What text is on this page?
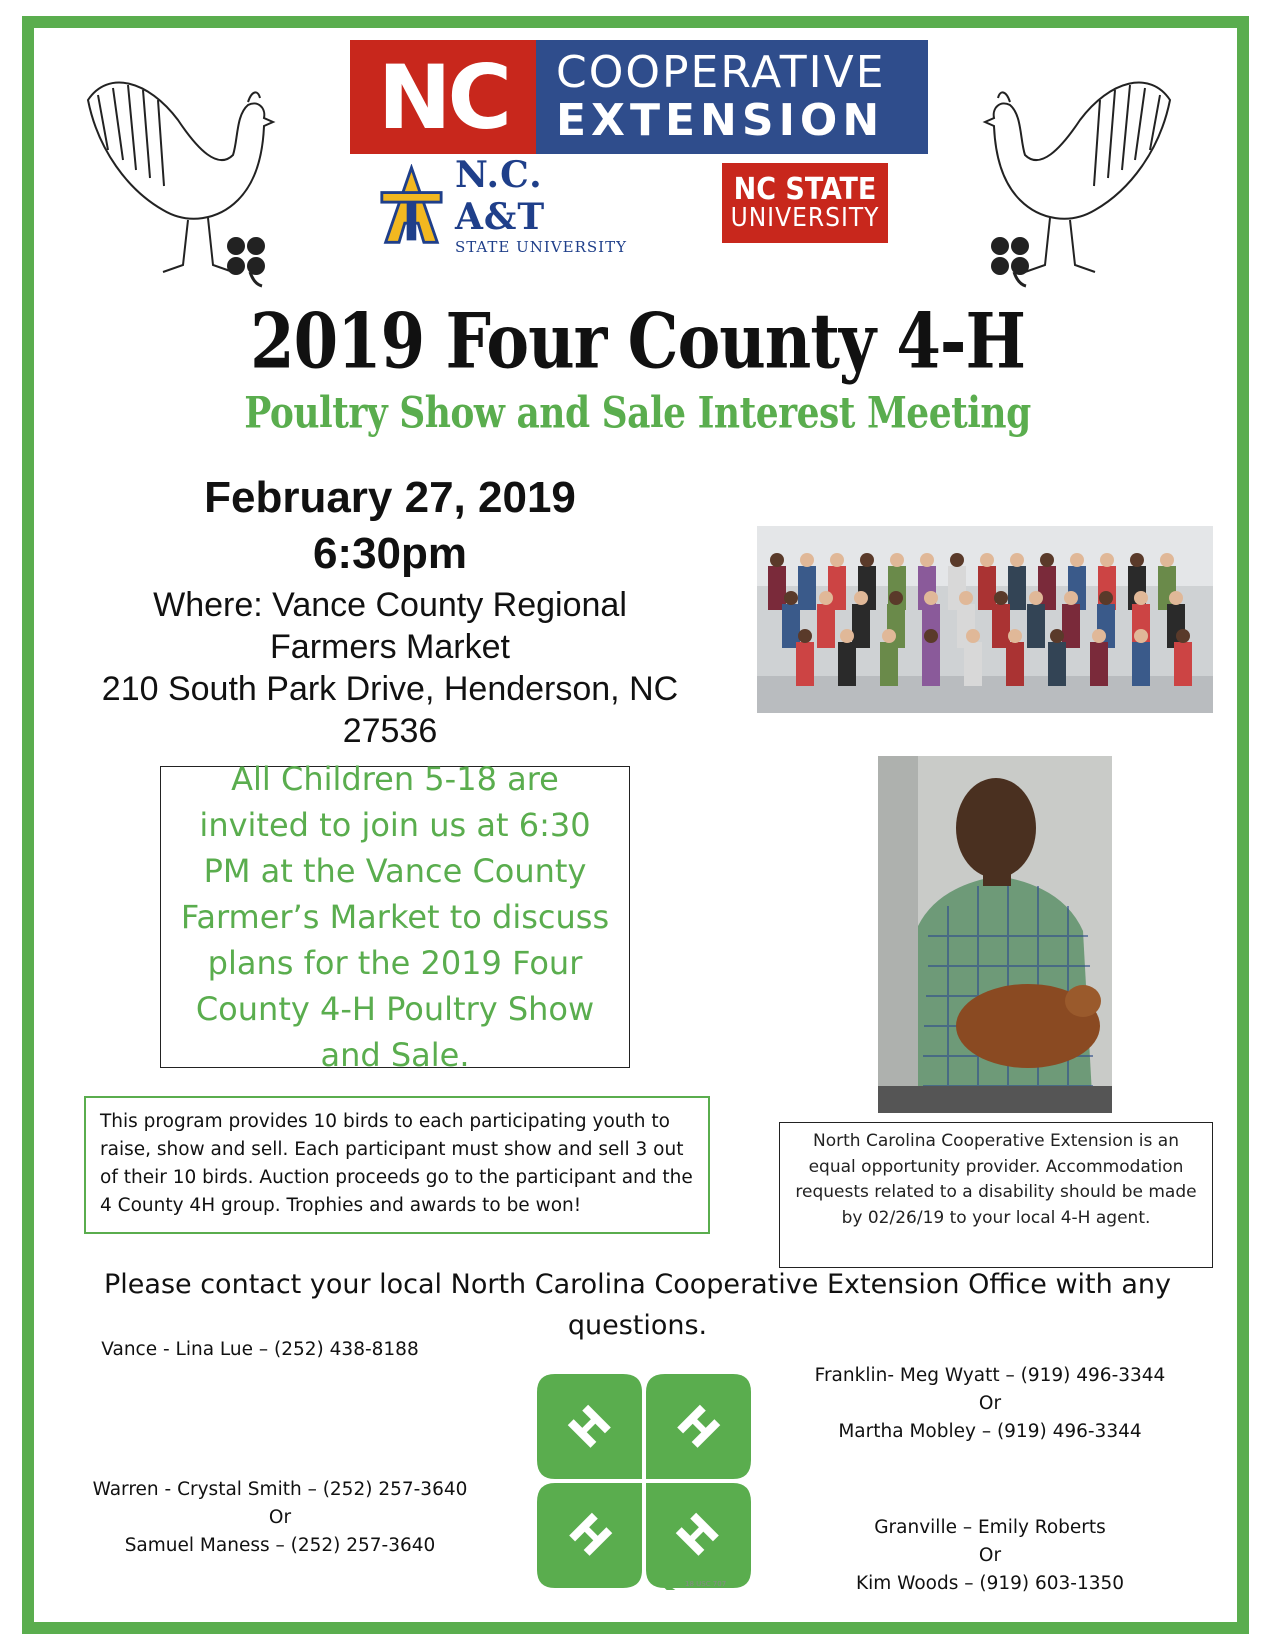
NC	COOPERATIVE
EXTENSION
N.C. A&T
STATE UNIVERSITY
NC STATE
UNIVERSITY
2019 Four County 4-H
Poultry Show and Sale Interest Meeting
February 27, 2019
6:30pm
Where: Vance County Regional
Farmers Market
210 South Park Drive, Henderson, NC
27536
All Children 5-18 are invited to join us at 6:30 PM at the Vance County Farmer’s Market to discuss plans for the 2019 Four County 4-H Poultry Show and Sale.
This program provides 10 birds to each participating youth to raise, show and sell. Each participant must show and sell 3 out of their 10 birds. Auction proceeds go to the participant and the 4 County 4H group. Trophies and awards to be won!
North Carolina Cooperative Extension is an equal opportunity provider. Accommodation requests related to a disability should be made by 02/26/19 to your local 4-H agent.
Please contact your local North Carolina Cooperative Extension Office with any questions.
Vance - Lina Lue – (252) 438-8188
Warren - Crystal Smith – (252) 257-3640
Or
Samuel Maness – (252) 257-3640
Franklin- Meg Wyatt – (919) 496-3344
Or
Martha Mobley – (919) 496-3344
Granville – Emily Roberts
Or
Kim Woods – (919) 603-1350
H H
H H
18 USC 707
